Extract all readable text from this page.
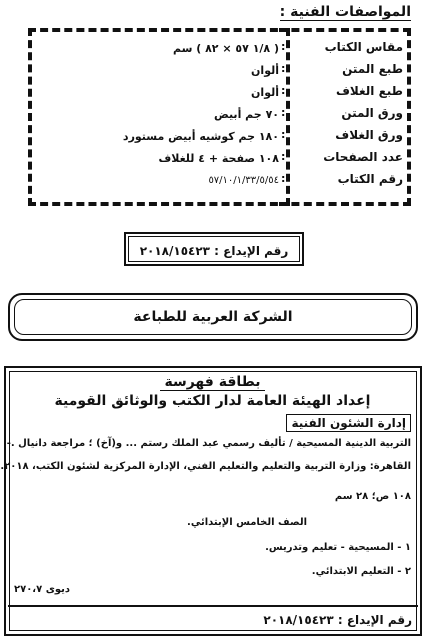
المواصفات الفنية :
مقاس الكتاب
:
طبع المتن
:
طبع الغلاف
:
ورق المتن
:
ورق الغلاف
:
عدد الصفحات
:
رقم الكتاب
:
( ١/٨ ٥٧ × ٨٢ ) سم
ألوان
ألوان
٧٠ جم أبيض
١٨٠ جم كوشيه أبيض مستورد
١٠٨ صفحة + ٤ للغلاف
٥٧/١٠/١/٣٣/٥/٥٤
رقم الإيداع : ٢٠١٨/١٥٤٢٣
الشركة العربية للطباعة
بطاقة فهرسة
إعداد الهيئة العامة لدار الكتب والوثائق القومية
إدارة الشئون الفنية
التربية الدينية المسيحية / تأليف رسمي عبد الملك رستم ... و(آخ) ؛ مراجعة دانيال .-
القاهرة: وزارة التربية والتعليم والتعليم الفني، الإدارة المركزية لشئون الكتب، ٢٠١٨.
١٠٨ ص؛ ٢٨ سم
الصف الخامس الإبتدائي.
١ - المسيحية - تعليم وتدريس.
٢ - التعليم الابتدائي.
ديوى ٢٧٠،٧
رقم الإيداع : ٢٠١٨/١٥٤٢٣
